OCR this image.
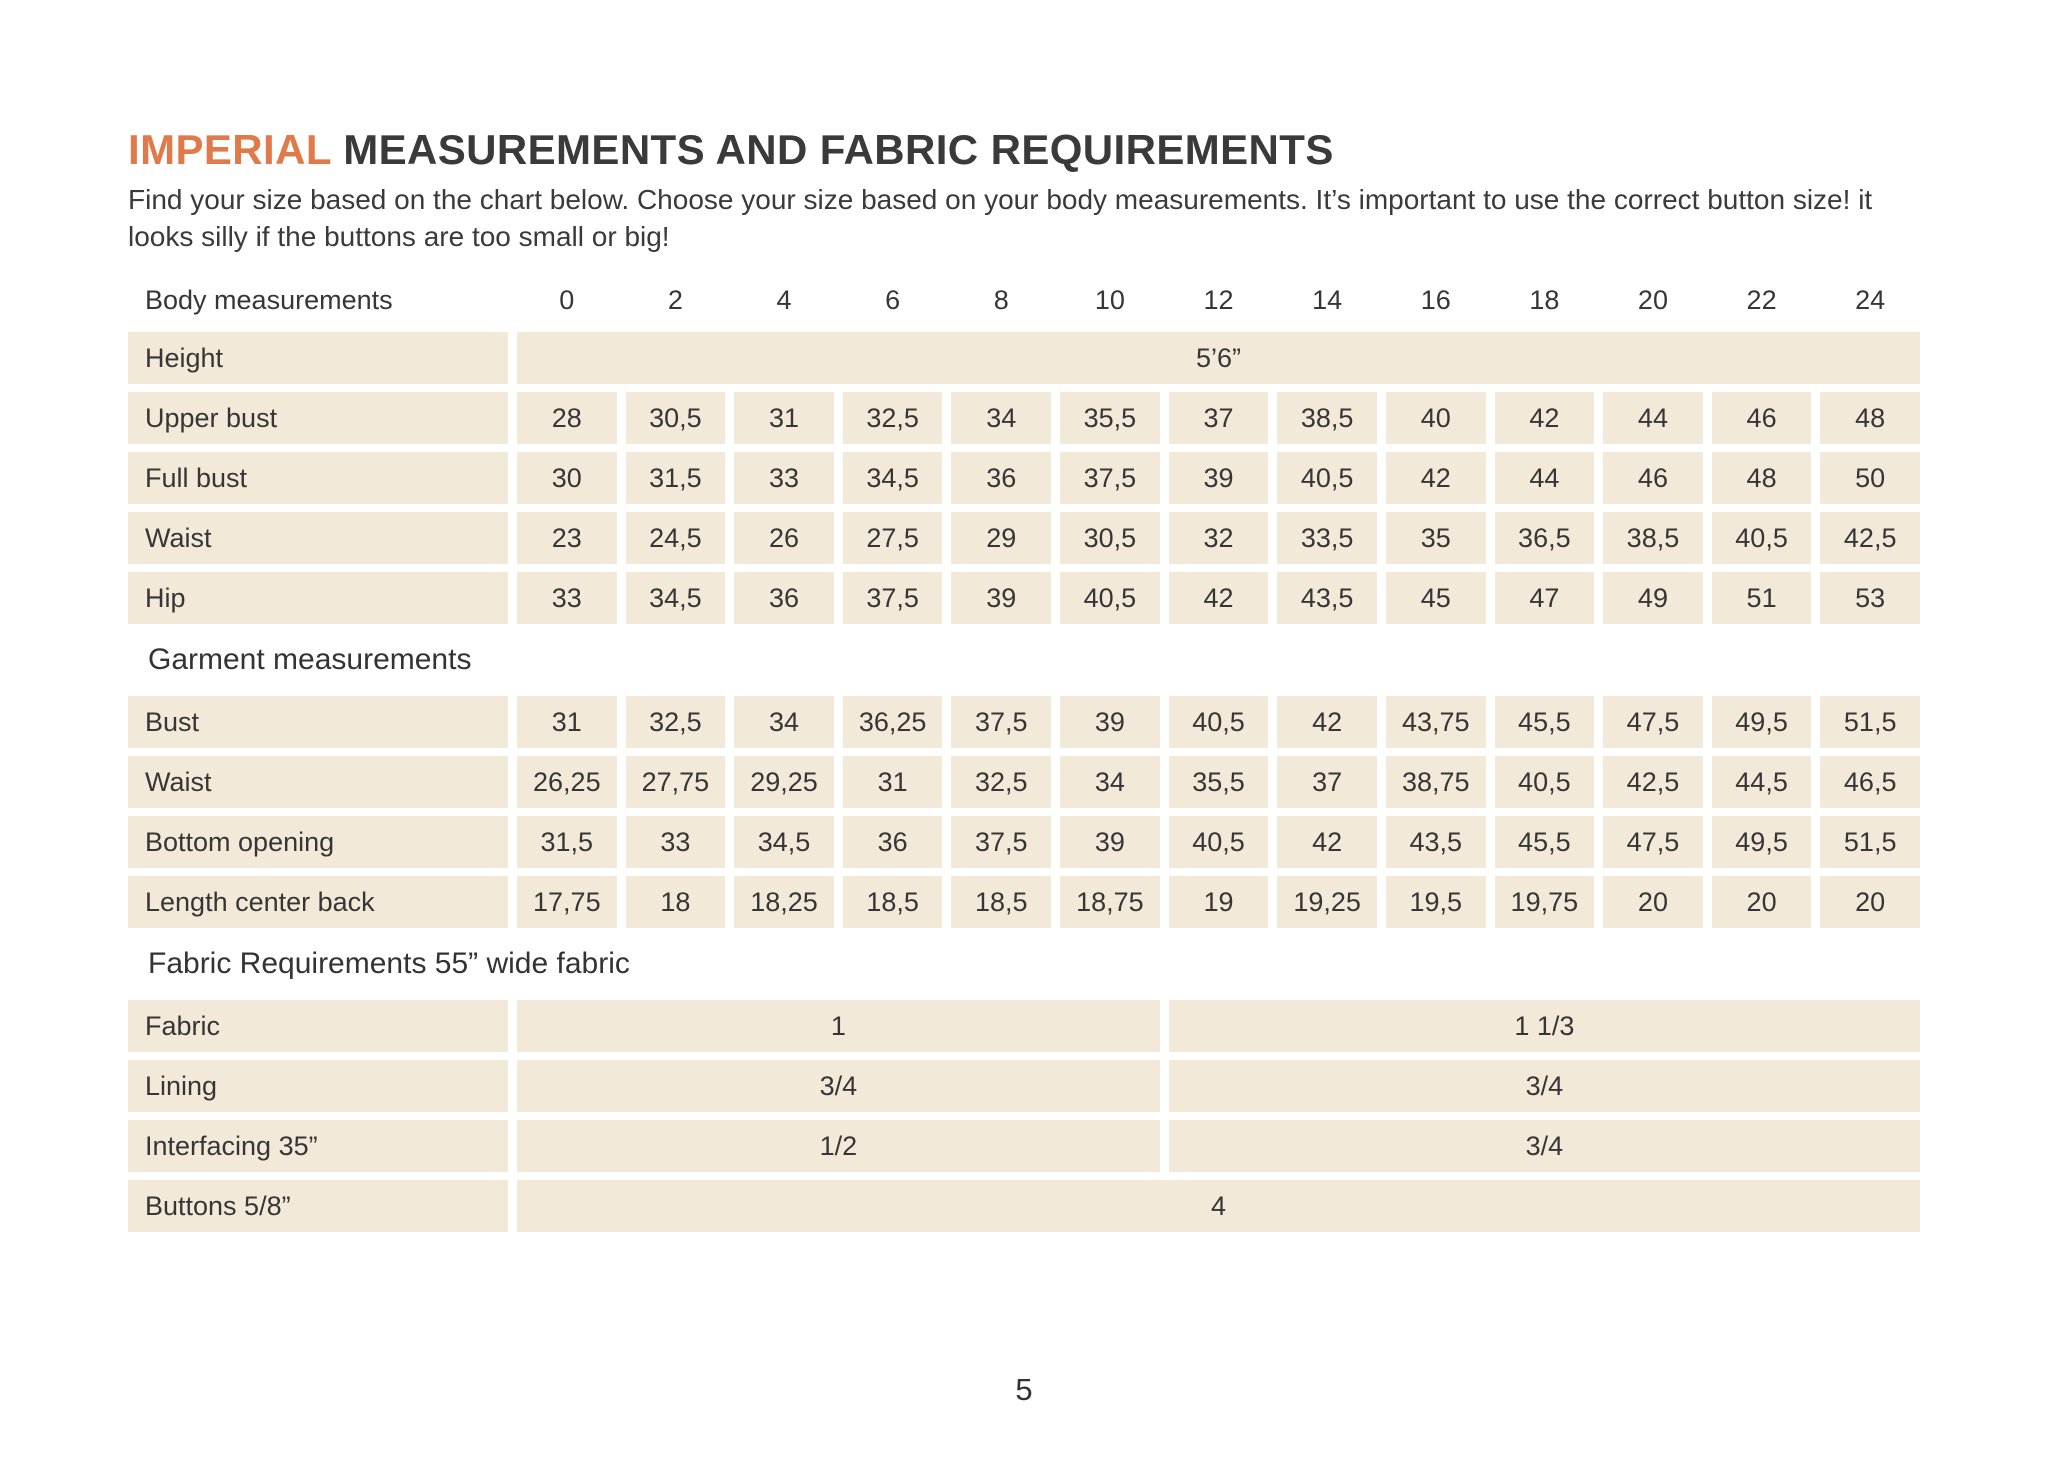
IMPERIAL MEASUREMENTS AND FABRIC REQUIREMENTS

Find your size based on the chart below. Choose your size based on your body measurements. It’s important to use the correct button size! it looks silly if the buttons are too small or big!

Body measurements	0	2	4	6	8	10	12	14	16	18	20	22	24
Height	5’6”
Upper bust	28	30,5	31	32,5	34	35,5	37	38,5	40	42	44	46	48
Full bust	30	31,5	33	34,5	36	37,5	39	40,5	42	44	46	48	50
Waist	23	24,5	26	27,5	29	30,5	32	33,5	35	36,5	38,5	40,5	42,5
Hip	33	34,5	36	37,5	39	40,5	42	43,5	45	47	49	51	53
Garment measurements
Bust	31	32,5	34	36,25	37,5	39	40,5	42	43,75	45,5	47,5	49,5	51,5
Waist	26,25	27,75	29,25	31	32,5	34	35,5	37	38,75	40,5	42,5	44,5	46,5
Bottom opening	31,5	33	34,5	36	37,5	39	40,5	42	43,5	45,5	47,5	49,5	51,5
Length center back	17,75	18	18,25	18,5	18,5	18,75	19	19,25	19,5	19,75	20	20	20
Fabric Requirements 55” wide fabric
Fabric	1	1 1/3
Lining	3/4	3/4
Interfacing 35”	1/2	3/4
Buttons 5/8”	4
5
